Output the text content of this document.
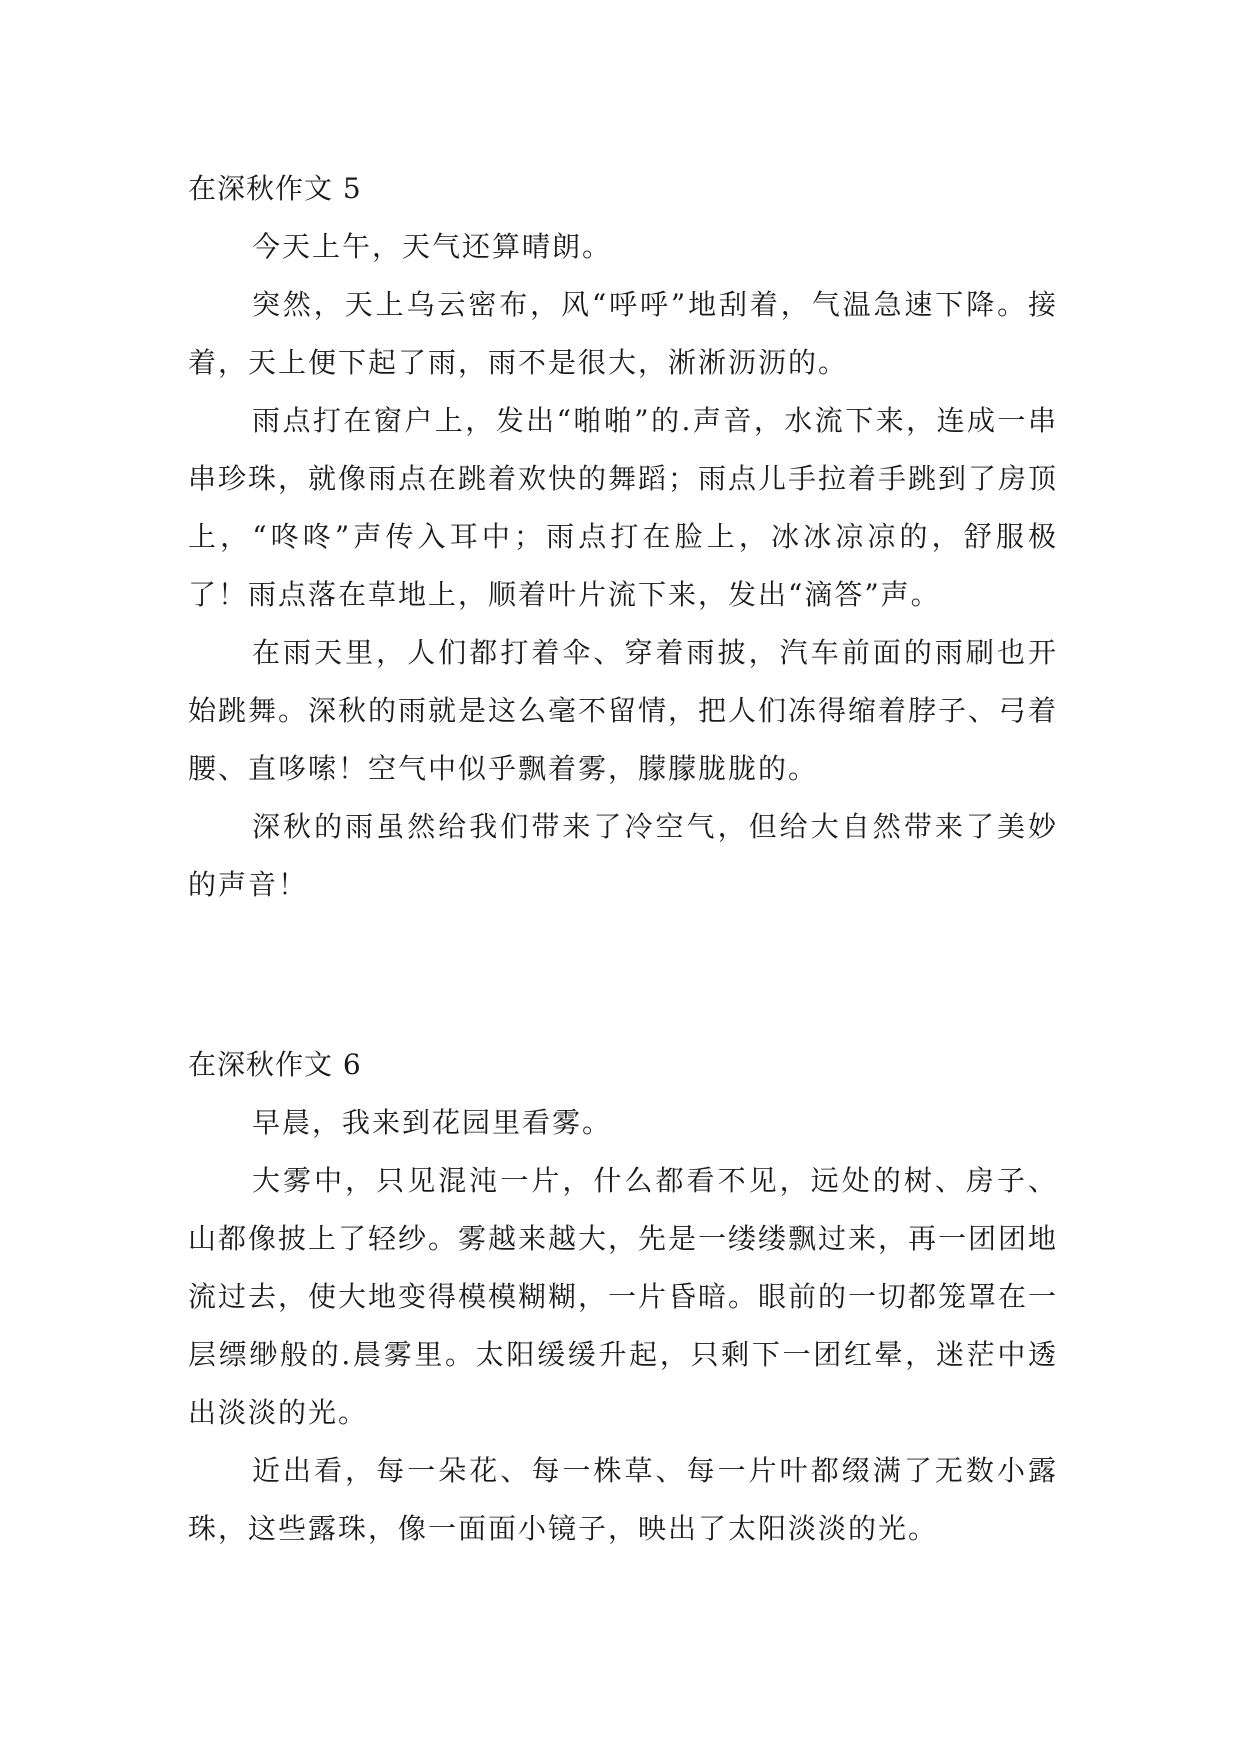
在深秋作文 5

今天上午，天气还算晴朗。

突然，天上乌云密布，风“呼呼”地刮着，气温急速下降。接着，天上便下起了雨，雨不是很大，淅淅沥沥的。

雨点打在窗户上，发出“啪啪”的.声音，水流下来，连成一串串珍珠，就像雨点在跳着欢快的舞蹈；雨点儿手拉着手跳到了房顶上，“咚咚”声传入耳中；雨点打在脸上，冰冰凉凉的，舒服极了！雨点落在草地上，顺着叶片流下来，发出“滴答”声。

在雨天里，人们都打着伞、穿着雨披，汽车前面的雨刷也开始跳舞。深秋的雨就是这么毫不留情，把人们冻得缩着脖子、弓着腰、直哆嗦！空气中似乎飘着雾，朦朦胧胧的。

深秋的雨虽然给我们带来了冷空气，但给大自然带来了美妙的声音！

在深秋作文 6

早晨，我来到花园里看雾。

大雾中，只见混沌一片，什么都看不见，远处的树、房子、山都像披上了轻纱。雾越来越大，先是一缕缕飘过来，再一团团地流过去，使大地变得模模糊糊，一片昏暗。眼前的一切都笼罩在一层缥缈般的.晨雾里。太阳缓缓升起，只剩下一团红晕，迷茫中透出淡淡的光。

近出看，每一朵花、每一株草、每一片叶都缀满了无数小露珠，这些露珠，像一面面小镜子，映出了太阳淡淡的光。
